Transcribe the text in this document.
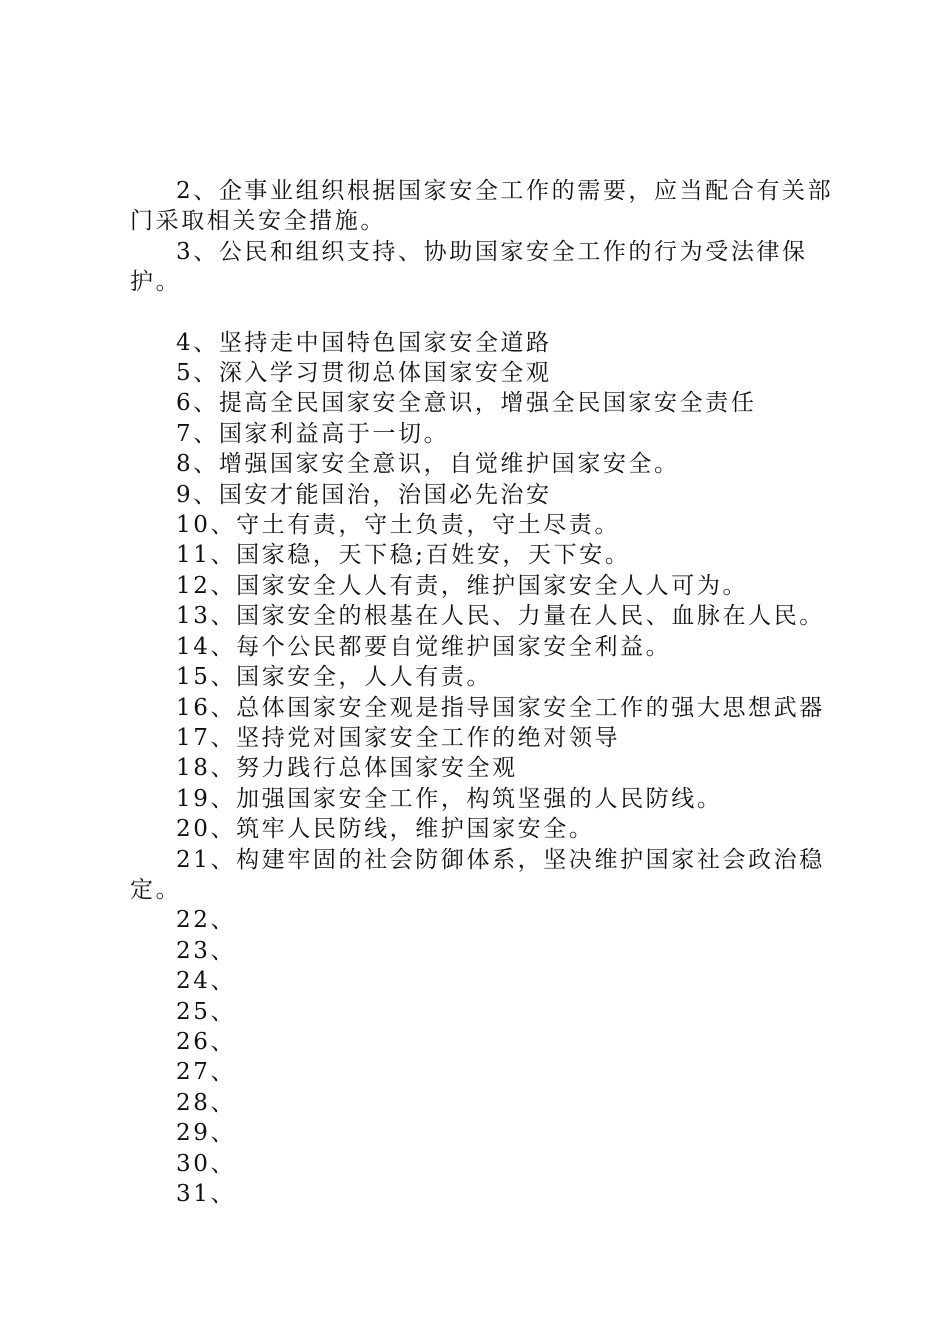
2、企事业组织根据国家安全工作的需要，应当配合有关部门采取相关安全措施。

3、公民和组织支持、协助国家安全工作的行为受法律保护。

4、坚持走中国特色国家安全道路

5、深入学习贯彻总体国家安全观

6、提高全民国家安全意识，增强全民国家安全责任

7、国家利益高于一切。

8、增强国家安全意识，自觉维护国家安全。

9、国安才能国治，治国必先治安

10、守土有责，守土负责，守土尽责。

11、国家稳，天下稳;百姓安，天下安。

12、国家安全人人有责，维护国家安全人人可为。

13、国家安全的根基在人民、力量在人民、血脉在人民。

14、每个公民都要自觉维护国家安全利益。

15、国家安全，人人有责。

16、总体国家安全观是指导国家安全工作的强大思想武器

17、坚持党对国家安全工作的绝对领导

18、努力践行总体国家安全观

19、加强国家安全工作，构筑坚强的人民防线。

20、筑牢人民防线，维护国家安全。

21、构建牢固的社会防御体系，坚决维护国家社会政治稳定。

22、

23、

24、

25、

26、

27、

28、

29、

30、

31、
